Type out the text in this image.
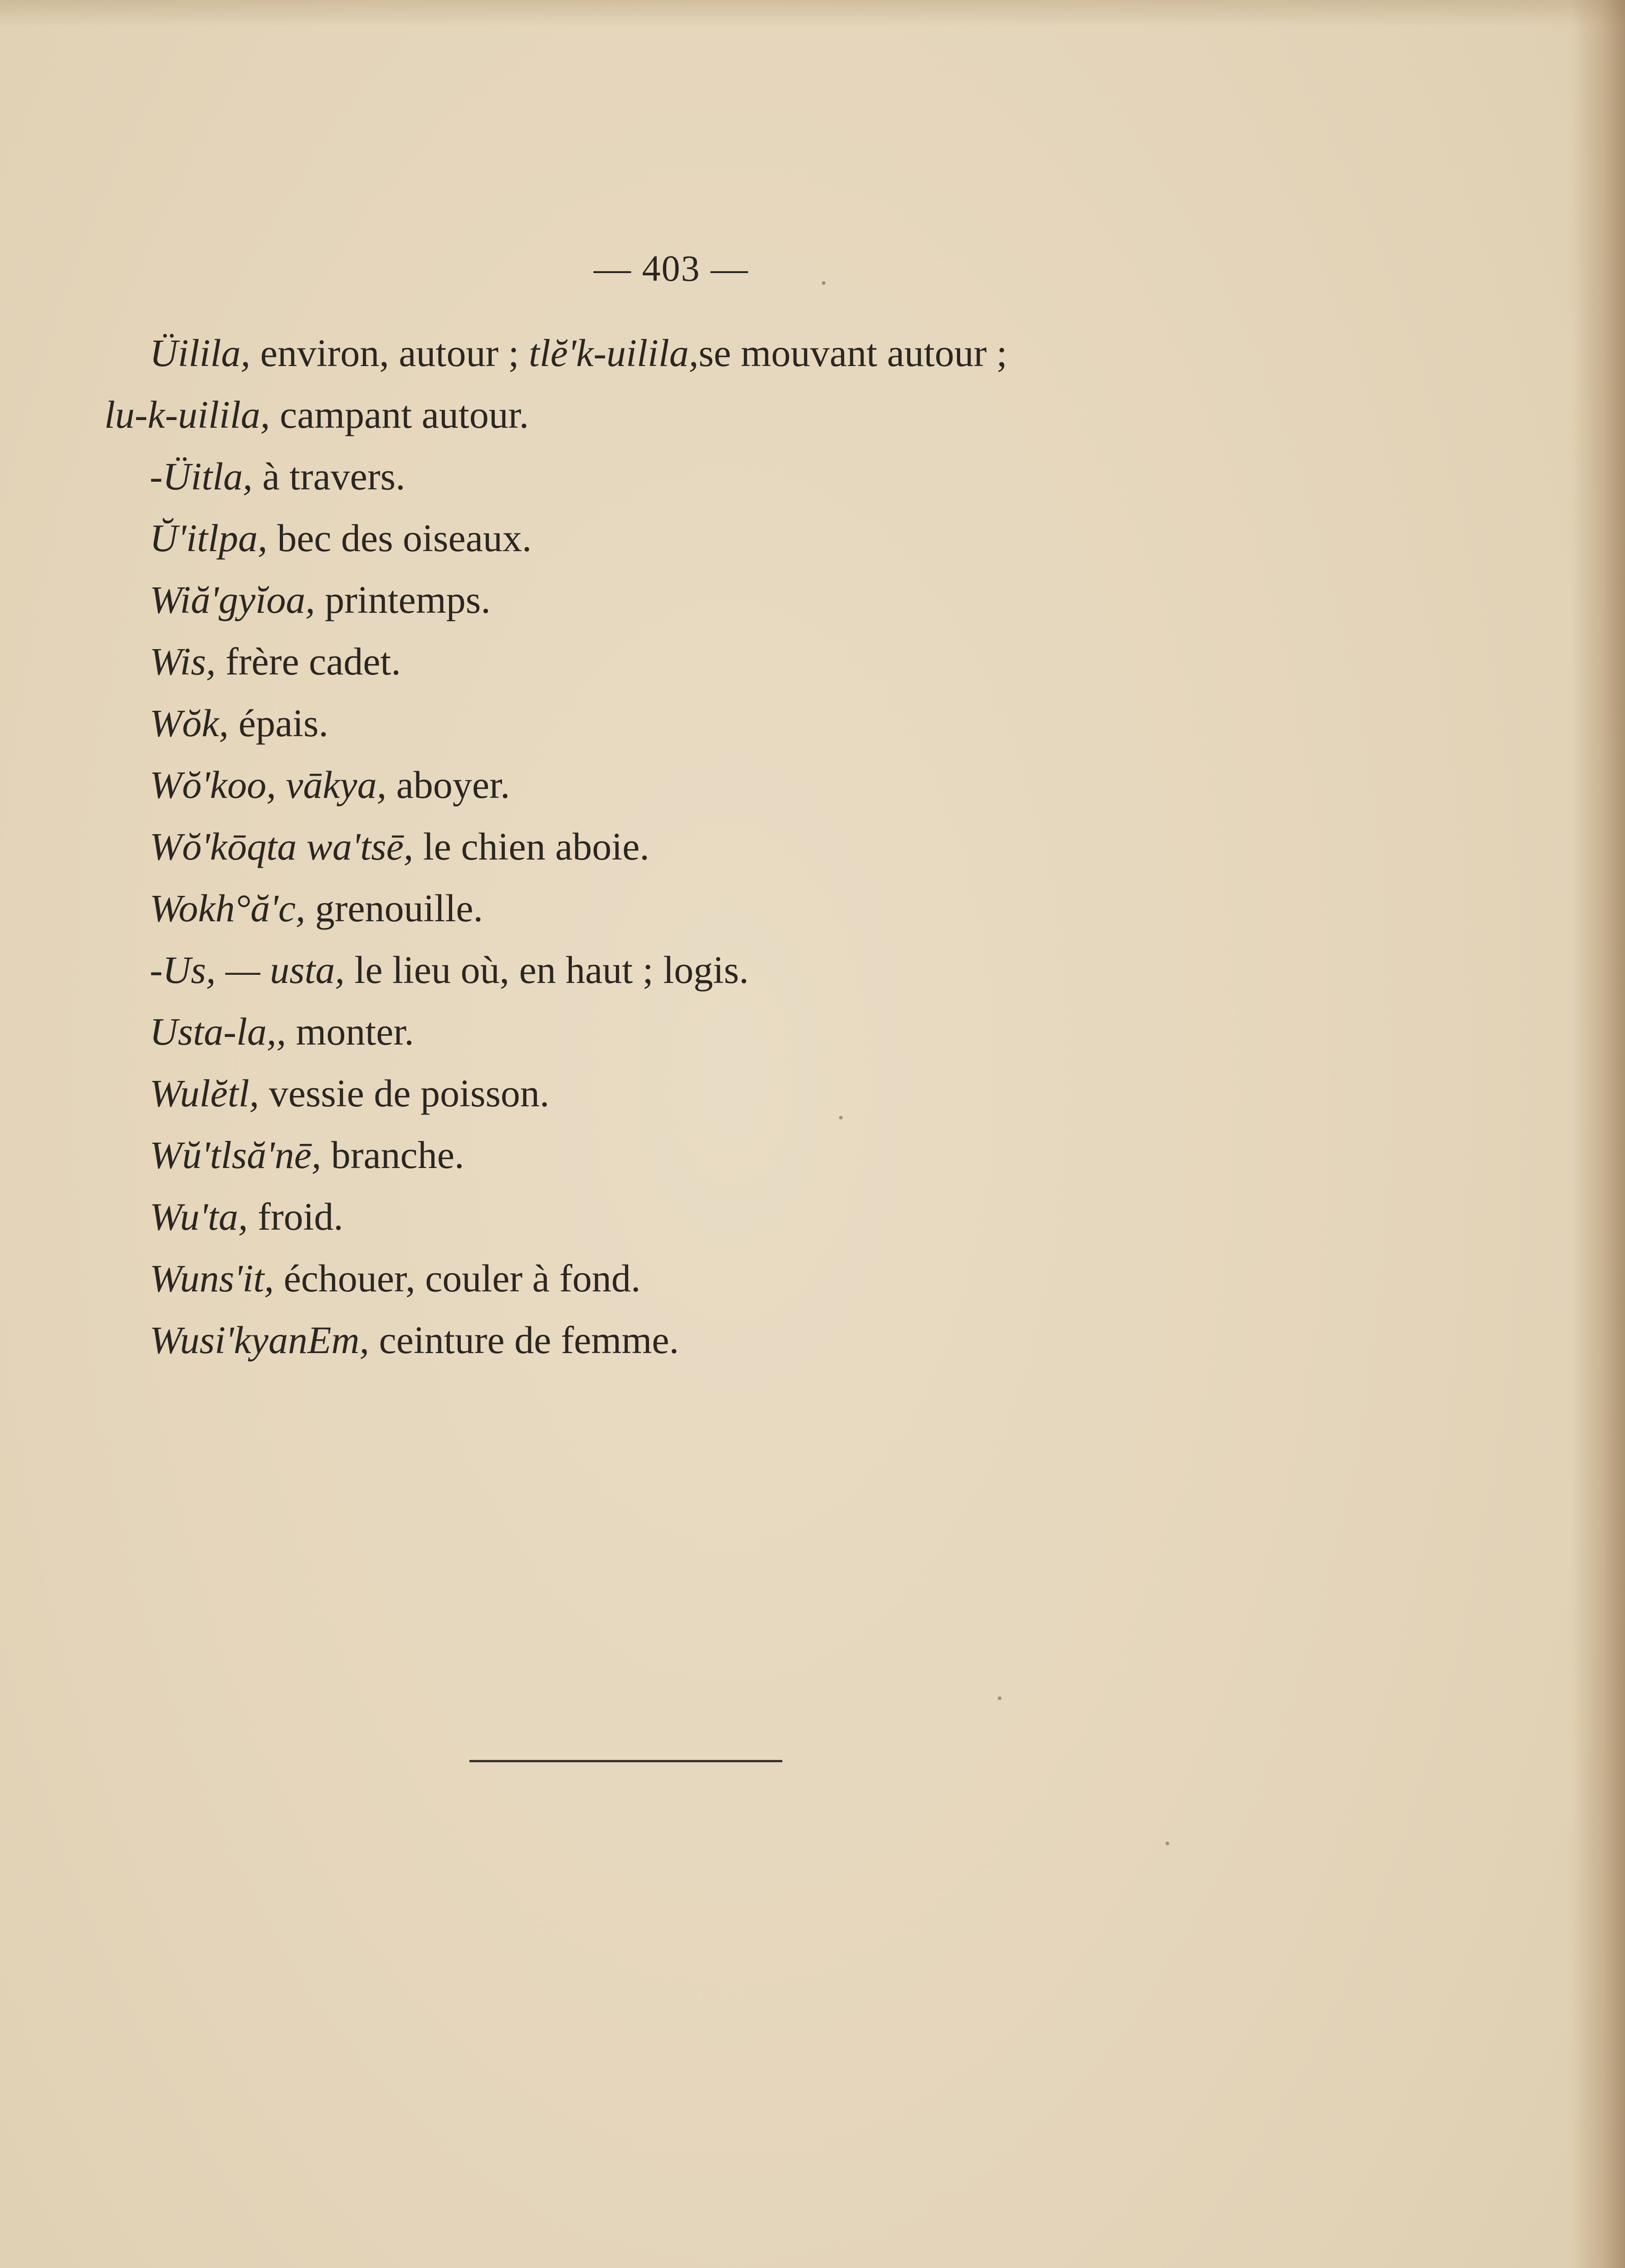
— 403 —
Üilila, environ, autour ; tlĕ'k-uilila,se mouvant autour ;
lu-k-uilila, campant autour.
-Üitla, à travers.
Ŭ'itlpa, bec des oiseaux.
Wiă'gyĭoa, printemps.
Wis, frère cadet.
Wŏk, épais.
Wŏ'koo, vākya, aboyer.
Wŏ'kōqta wa'tsē, le chien aboie.
Wokh°ă'c, grenouille.
-Us, — usta, le lieu où, en haut ; logis.
Usta-la,, monter.
Wulĕtl, vessie de poisson.
Wŭ'tlsă'nē, branche.
Wu'ta, froid.
Wuns'it, échouer, couler à fond.
Wusi'kyanEm, ceinture de femme.
